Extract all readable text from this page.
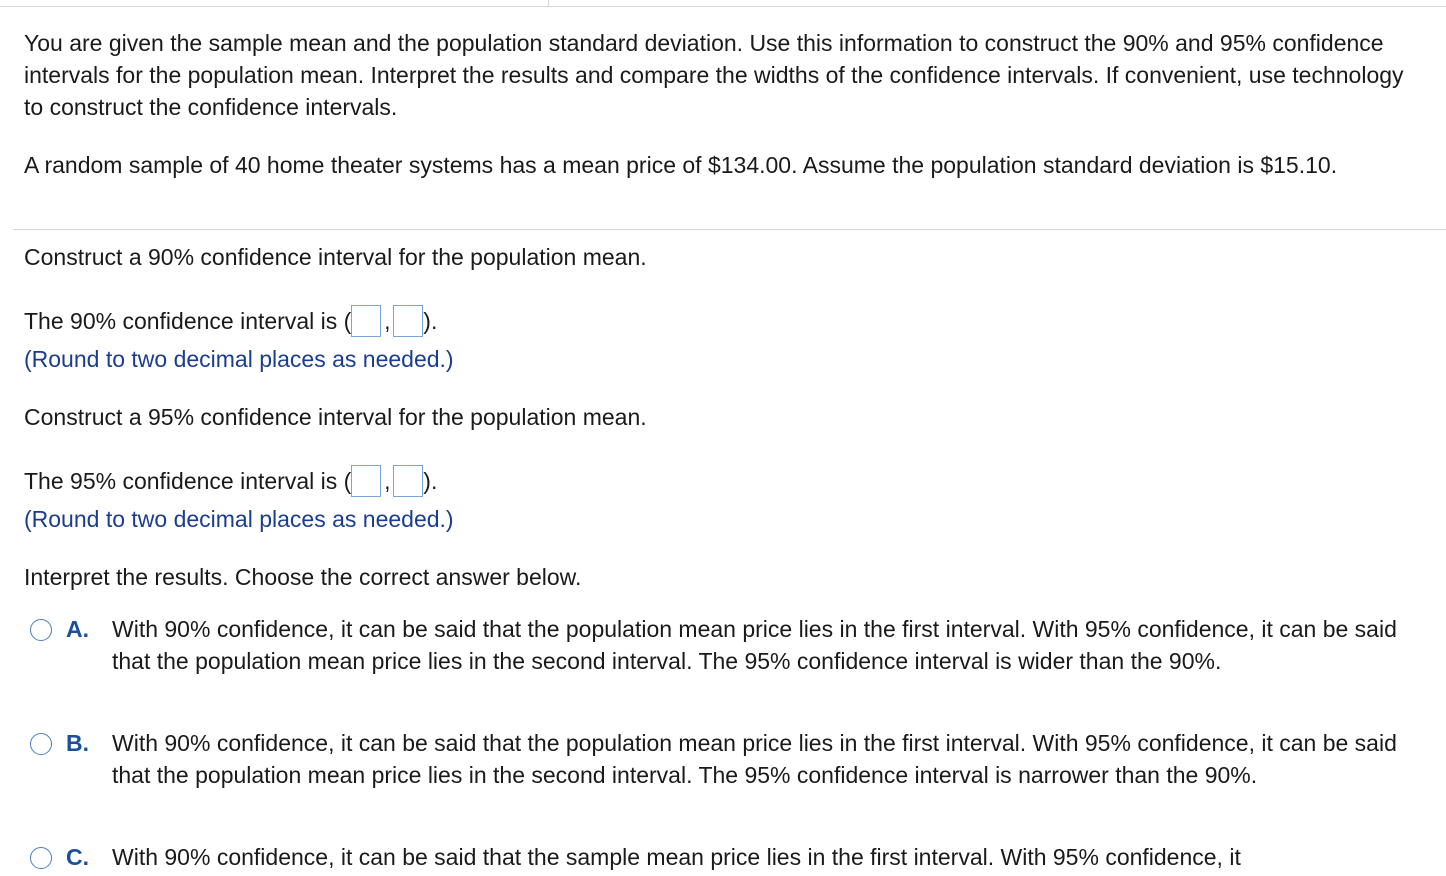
You are given the sample mean and the population standard deviation. Use this information to construct the 90% and 95% confidence intervals for the population mean. Interpret the results and compare the widths of the confidence intervals. If convenient, use technology to construct the confidence intervals.

A random sample of 40 home theater systems has a mean price of $134.00. Assume the population standard deviation is $15.10.

Construct a 90% confidence interval for the population mean.
The 90% confidence interval is ( , ).
(Round to two decimal places as needed.)
Construct a 95% confidence interval for the population mean.
The 95% confidence interval is ( , ).
(Round to two decimal places as needed.)
Interpret the results. Choose the correct answer below.
A. With 90% confidence, it can be said that the population mean price lies in the first interval. With 95% confidence, it can be said that the population mean price lies in the second interval. The 95% confidence interval is wider than the 90%.

B. With 90% confidence, it can be said that the population mean price lies in the first interval. With 95% confidence, it can be said that the population mean price lies in the second interval. The 95% confidence interval is narrower than the 90%.

C. With 90% confidence, it can be said that the sample mean price lies in the first interval. With 95% confidence, it
